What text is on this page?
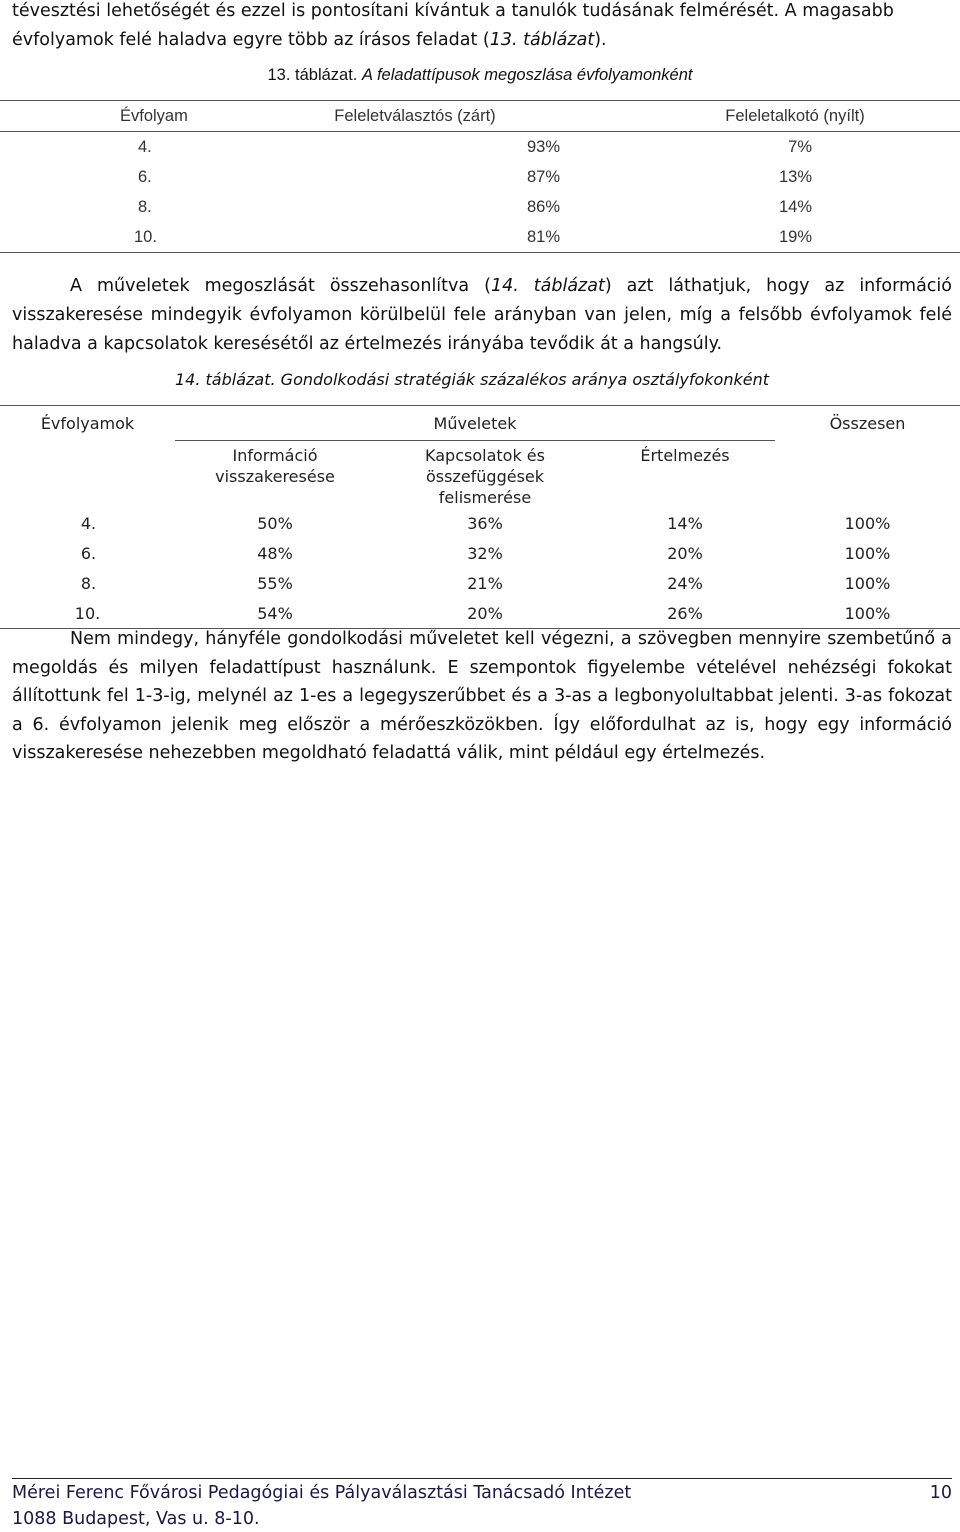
tévesztési lehetőségét és ezzel is pontosítani kívántuk a tanulók tudásának felmérését. A magasabb

évfolyamok felé haladva egyre több az írásos feladat (13. táblázat).

13. táblázat. A feladattípusok megoszlása évfolyamonként
Évfolyam	Feleletválasztós (zárt)	Feleletalkotó (nyílt)
4.	93%	7%
6.	87%	13%
8.	86%	14%
10.	81%	19%

A műveletek megoszlását összehasonlítva (14. táblázat) azt láthatjuk, hogy az információ visszakeresése mindegyik évfolyamon körülbelül fele arányban van jelen, míg a felsőbb évfolyamok felé haladva a kapcsolatok keresésétől az értelmezés irányába tevődik át a hangsúly.

14. táblázat. Gondolkodási stratégiák százalékos aránya osztályfokonként
Évfolyamok	Műveletek			Összesen

	Információ visszakeresése	Kapcsolatok és összefüggések felismerése	Értelmezés	
4.	50%	36%	14%	100%
6.	48%	32%	20%	100%
8.	55%	21%	24%	100%
10.	54%	20%	26%	100%

Nem mindegy, hányféle gondolkodási műveletet kell végezni, a szövegben mennyire szembetűnő a megoldás és milyen feladattípust használunk. E szempontok figyelembe vételével nehézségi fokokat állítottunk fel 1-3-ig, melynél az 1-es a legegyszerűbbet és a 3-as a legbonyolultabbat jelenti. 3-as fokozat a 6. évfolyamon jelenik meg először a mérőeszközökben. Így előfordulhat az is, hogy egy információ visszakeresése nehezebben megoldható feladattá válik, mint például egy értelmezés.

Mérei Ferenc Fővárosi Pedagógiai és Pályaválasztási Tanácsadó Intézet
1088 Budapest, Vas u. 8-10.
10
